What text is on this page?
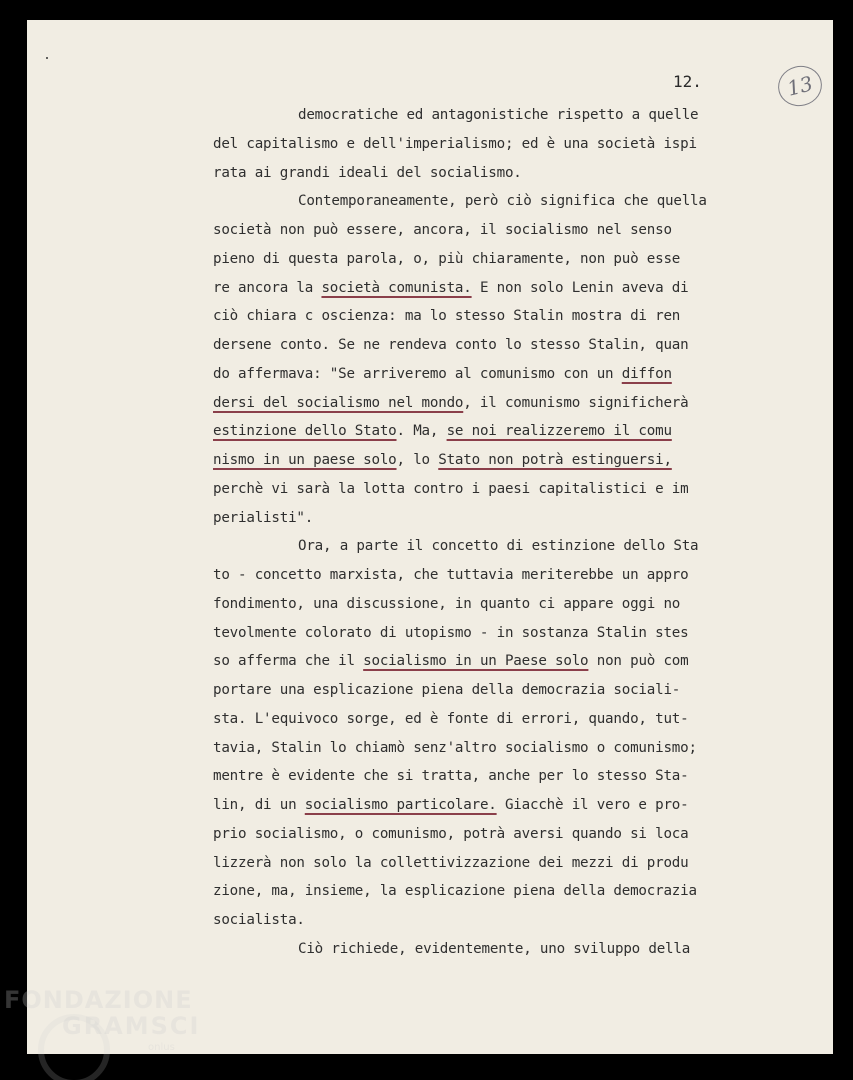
12.	13
democratiche ed antagonistiche rispetto a quelle
del capitalismo e dell'imperialismo; ed è una società ispi
rata ai grandi ideali del socialismo.
Contemporaneamente, però ciò significa che quella
società non può essere, ancora, il socialismo nel senso
pieno di questa parola, o, più chiaramente, non può esse
re ancora la società comunista. E non solo Lenin aveva di
ciò chiara c oscienza: ma lo stesso Stalin mostra di ren
dersene conto. Se ne rendeva conto lo stesso Stalin, quan
do affermava: "Se arriveremo al comunismo con un diffon
dersi del socialismo nel mondo, il comunismo significherà
estinzione dello Stato. Ma, se noi realizzeremo il comu
nismo in un paese solo, lo Stato non potrà estinguersi,
perchè vi sarà la lotta contro i paesi capitalistici e im
perialisti".
Ora, a parte il concetto di estinzione dello Sta
to - concetto marxista, che tuttavia meriterebbe un appro
fondimento, una discussione, in quanto ci appare oggi no
tevolmente colorato di utopismo - in sostanza Stalin stes
so afferma che il socialismo in un Paese solo non può com
portare una esplicazione piena della democrazia sociali-
sta. L'equivoco sorge, ed è fonte di errori, quando, tut-
tavia, Stalin lo chiamò senz'altro socialismo o comunismo;
mentre è evidente che si tratta, anche per lo stesso Sta-
lin, di un socialismo particolare. Giacchè il vero e pro-
prio socialismo, o comunismo, potrà aversi quando si loca
lizzerà non solo la collettivizzazione dei mezzi di produ
zione, ma, insieme, la esplicazione piena della democrazia
socialista.
Ciò richiede, evidentemente, uno sviluppo della
FONDAZIONE
GRAMSCI
onlus
